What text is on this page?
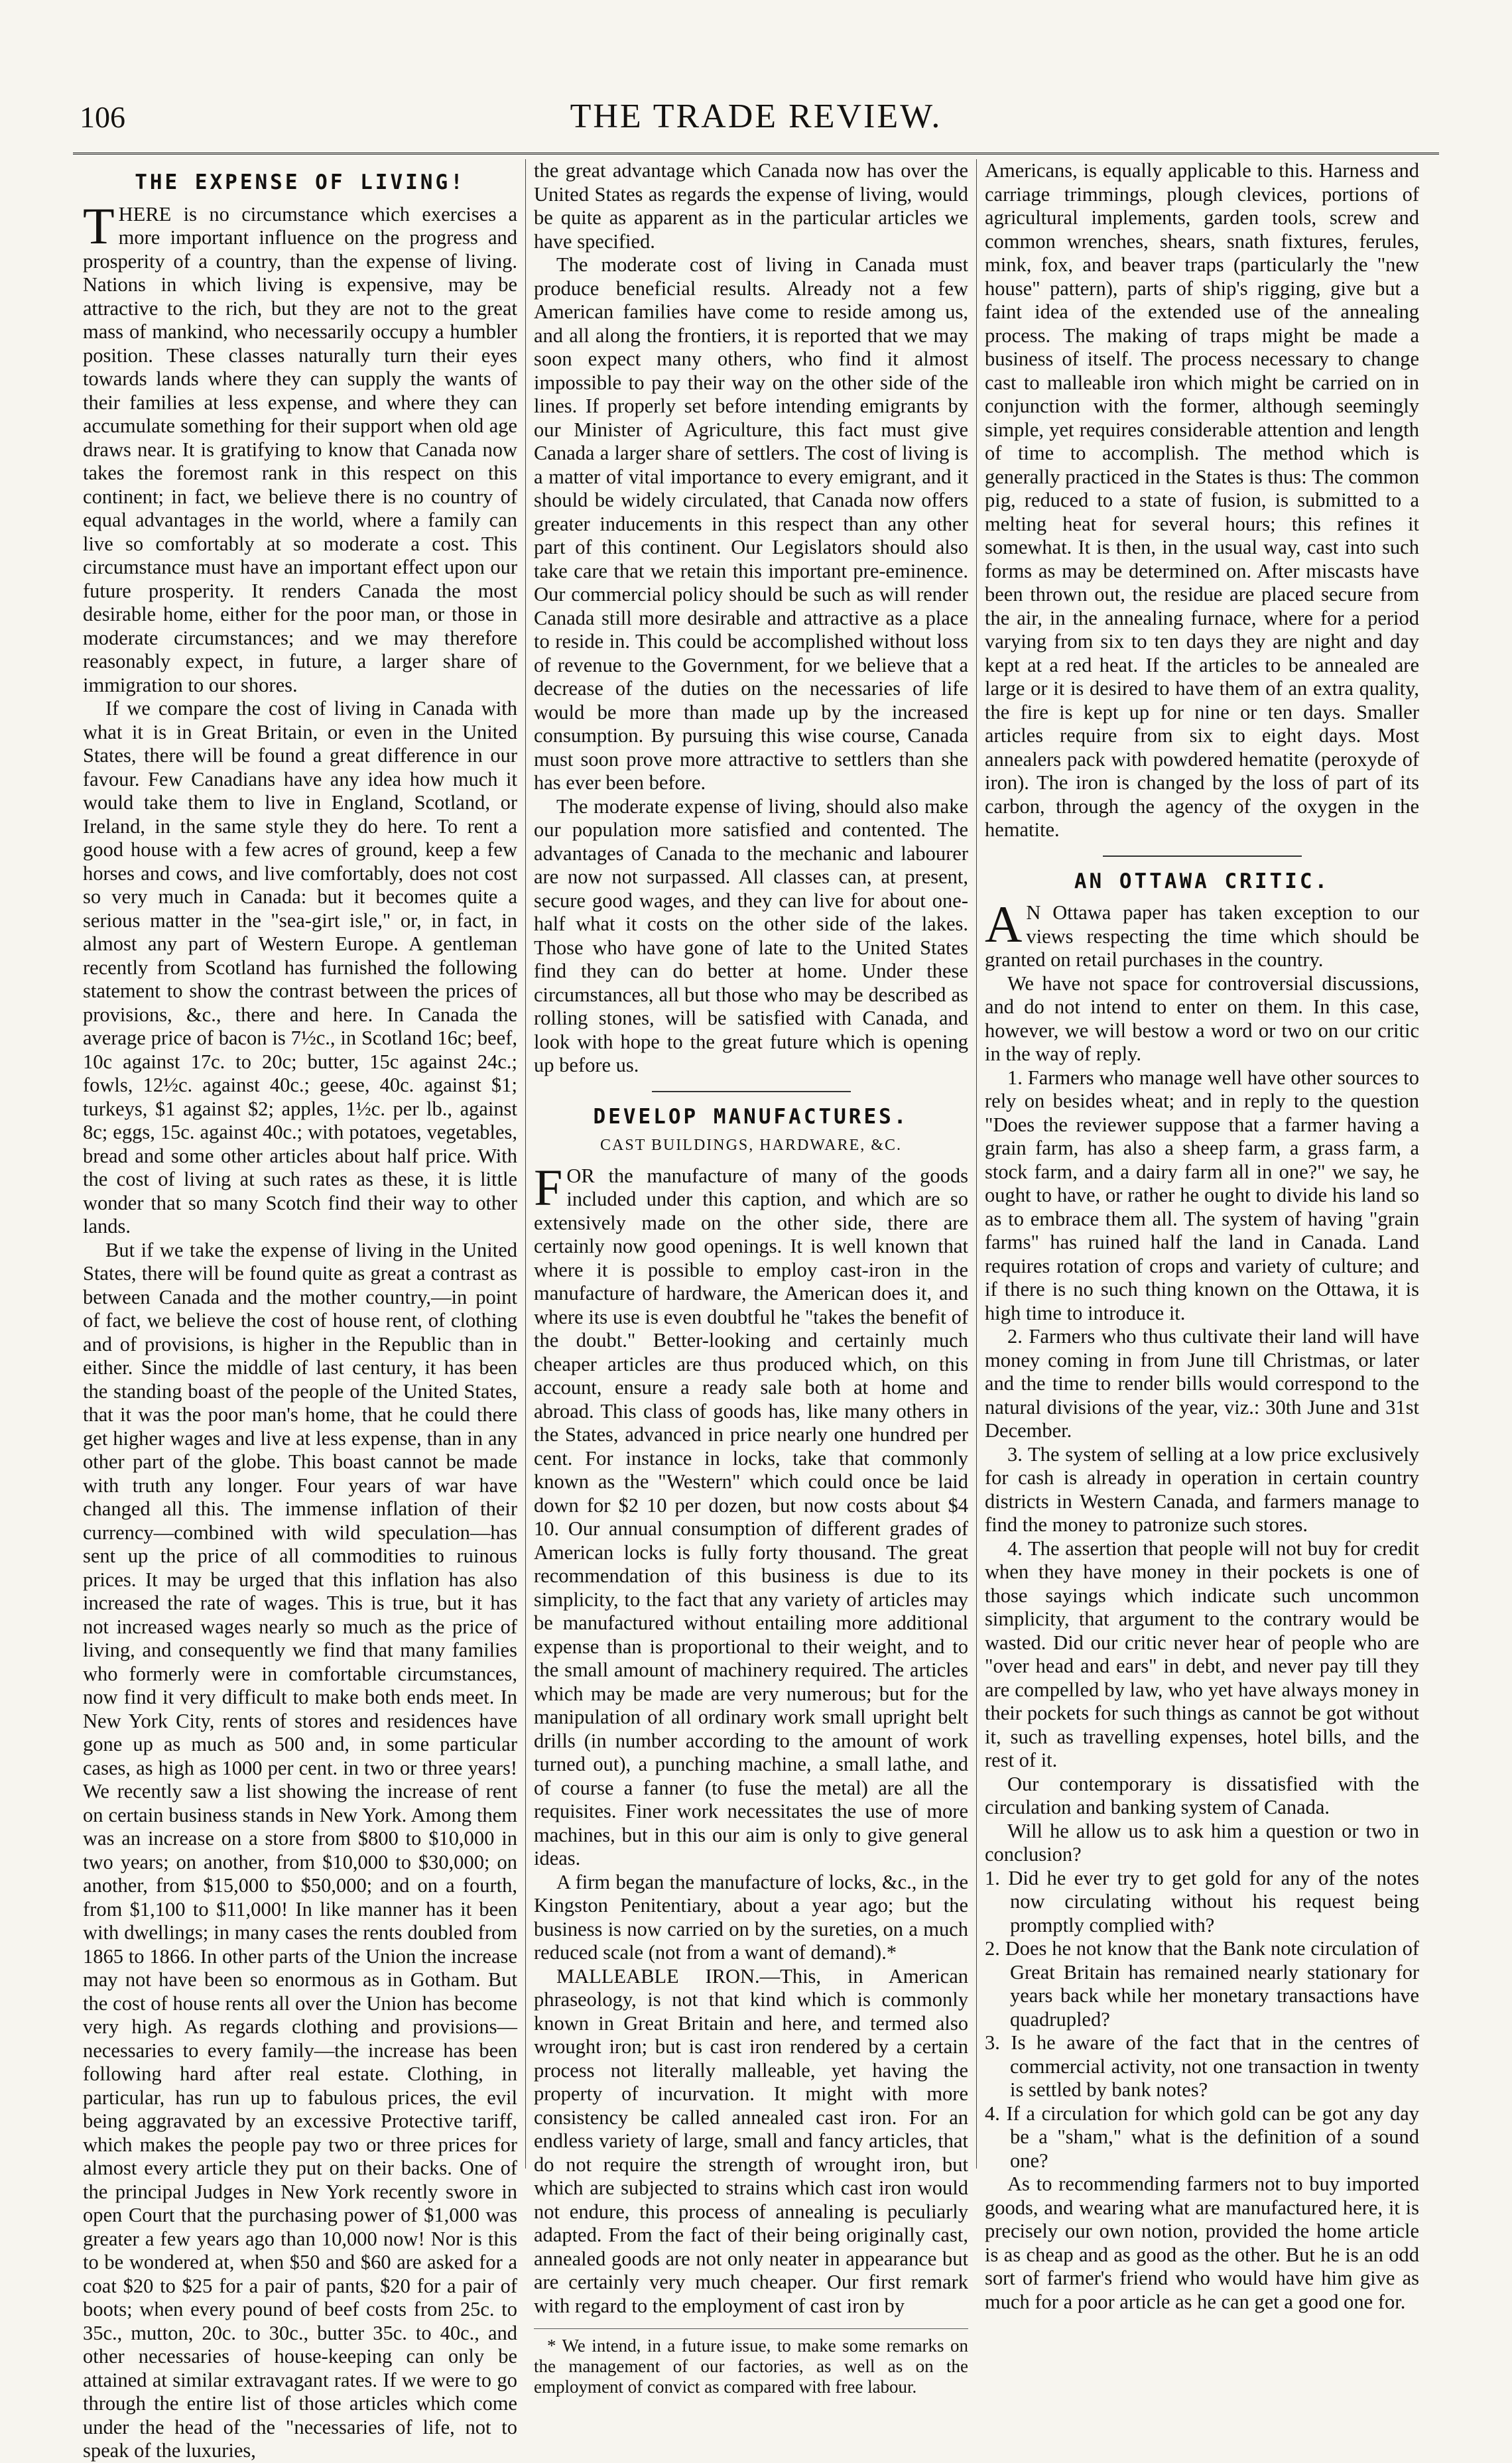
106	THE TRADE REVIEW.
THE EXPENSE OF LIVING!

THERE is no circumstance which exercises a more important influence on the progress and prosperity of a country, than the expense of living. Nations in which living is expensive, may be attractive to the rich, but they are not to the great mass of mankind, who necessarily occupy a humbler position. These classes naturally turn their eyes towards lands where they can supply the wants of their families at less expense, and where they can accumulate something for their support when old age draws near. It is gratifying to know that Canada now takes the foremost rank in this respect on this continent; in fact, we believe there is no country of equal advantages in the world, where a family can live so comfortably at so moderate a cost. This circumstance must have an important effect upon our future prosperity. It renders Canada the most desirable home, either for the poor man, or those in moderate circumstances; and we may therefore reasonably expect, in future, a larger share of immigration to our shores.

If we compare the cost of living in Canada with what it is in Great Britain, or even in the United States, there will be found a great difference in our favour. Few Canadians have any idea how much it would take them to live in England, Scotland, or Ireland, in the same style they do here. To rent a good house with a few acres of ground, keep a few horses and cows, and live comfortably, does not cost so very much in Canada: but it becomes quite a serious matter in the "sea-girt isle," or, in fact, in almost any part of Western Europe. A gentleman recently from Scotland has furnished the following statement to show the contrast between the prices of provisions, &c., there and here. In Canada the average price of bacon is 7½c., in Scotland 16c; beef, 10c against 17c. to 20c; butter, 15c against 24c.; fowls, 12½c. against 40c.; geese, 40c. against $1; turkeys, $1 against $2; apples, 1½c. per lb., against 8c; eggs, 15c. against 40c.; with potatoes, vegetables, bread and some other articles about half price. With the cost of living at such rates as these, it is little wonder that so many Scotch find their way to other lands.

But if we take the expense of living in the United States, there will be found quite as great a contrast as between Canada and the mother country,—in point of fact, we believe the cost of house rent, of clothing and of provisions, is higher in the Republic than in either. Since the middle of last century, it has been the standing boast of the people of the United States, that it was the poor man's home, that he could there get higher wages and live at less expense, than in any other part of the globe. This boast cannot be made with truth any longer. Four years of war have changed all this. The immense inflation of their currency—combined with wild speculation—has sent up the price of all commodities to ruinous prices. It may be urged that this inflation has also increased the rate of wages. This is true, but it has not increased wages nearly so much as the price of living, and consequently we find that many families who formerly were in comfortable circumstances, now find it very difficult to make both ends meet. In New York City, rents of stores and residences have gone up as much as 500 and, in some particular cases, as high as 1000 per cent. in two or three years! We recently saw a list showing the increase of rent on certain business stands in New York. Among them was an increase on a store from $800 to $10,000 in two years; on another, from $10,000 to $30,000; on another, from $15,000 to $50,000; and on a fourth, from $1,100 to $11,000! In like manner has it been with dwellings; in many cases the rents doubled from 1865 to 1866. In other parts of the Union the increase may not have been so enormous as in Gotham. But the cost of house rents all over the Union has become very high. As regards clothing and provisions—necessaries to every family—the increase has been following hard after real estate. Clothing, in particular, has run up to fabulous prices, the evil being aggravated by an excessive Protective tariff, which makes the people pay two or three prices for almost every article they put on their backs. One of the principal Judges in New York recently swore in open Court that the purchasing power of $1,000 was greater a few years ago than 10,000 now! Nor is this to be wondered at, when $50 and $60 are asked for a coat $20 to $25 for a pair of pants, $20 for a pair of boots; when every pound of beef costs from 25c. to 35c., mutton, 20c. to 30c., butter 35c. to 40c., and other necessaries of house-keeping can only be attained at similar extravagant rates. If we were to go through the entire list of those articles which come under the head of the "necessaries of life, not to speak of the luxuries,

the great advantage which Canada now has over the United States as regards the expense of living, would be quite as apparent as in the particular articles we have specified.

The moderate cost of living in Canada must produce beneficial results. Already not a few American families have come to reside among us, and all along the frontiers, it is reported that we may soon expect many others, who find it almost impossible to pay their way on the other side of the lines. If properly set before intending emigrants by our Minister of Agriculture, this fact must give Canada a larger share of settlers. The cost of living is a matter of vital importance to every emigrant, and it should be widely circulated, that Canada now offers greater inducements in this respect than any other part of this continent. Our Legislators should also take care that we retain this important pre-eminence. Our commercial policy should be such as will render Canada still more desirable and attractive as a place to reside in. This could be accomplished without loss of revenue to the Government, for we believe that a decrease of the duties on the necessaries of life would be more than made up by the increased consumption. By pursuing this wise course, Canada must soon prove more attractive to settlers than she has ever been before.

The moderate expense of living, should also make our population more satisfied and contented. The advantages of Canada to the mechanic and labourer are now not surpassed. All classes can, at present, secure good wages, and they can live for about one-half what it costs on the other side of the lakes. Those who have gone of late to the United States find they can do better at home. Under these circumstances, all but those who may be described as rolling stones, will be satisfied with Canada, and look with hope to the great future which is opening up before us.

DEVELOP MANUFACTURES.
CAST BUILDINGS, HARDWARE, &C.

FOR the manufacture of many of the goods included under this caption, and which are so extensively made on the other side, there are certainly now good openings. It is well known that where it is possible to employ cast-iron in the manufacture of hardware, the American does it, and where its use is even doubtful he "takes the benefit of the doubt." Better-looking and certainly much cheaper articles are thus produced which, on this account, ensure a ready sale both at home and abroad. This class of goods has, like many others in the States, advanced in price nearly one hundred per cent. For instance in locks, take that commonly known as the "Western" which could once be laid down for $2 10 per dozen, but now costs about $4 10. Our annual consumption of different grades of American locks is fully forty thousand. The great recommendation of this business is due to its simplicity, to the fact that any variety of articles may be manufactured without entailing more additional expense than is proportional to their weight, and to the small amount of machinery required. The articles which may be made are very numerous; but for the manipulation of all ordinary work small upright belt drills (in number according to the amount of work turned out), a punching machine, a small lathe, and of course a fanner (to fuse the metal) are all the requisites. Finer work necessitates the use of more machines, but in this our aim is only to give general ideas.

A firm began the manufacture of locks, &c., in the Kingston Penitentiary, about a year ago; but the business is now carried on by the sureties, on a much reduced scale (not from a want of demand).*

MALLEABLE IRON.—This, in American phraseology, is not that kind which is commonly known in Great Britain and here, and termed also wrought iron; but is cast iron rendered by a certain process not literally malleable, yet having the property of incurvation. It might with more consistency be called annealed cast iron. For an endless variety of large, small and fancy articles, that do not require the strength of wrought iron, but which are subjected to strains which cast iron would not endure, this process of annealing is peculiarly adapted. From the fact of their being originally cast, annealed goods are not only neater in appearance but are certainly very much cheaper. Our first remark with regard to the employment of cast iron by

* We intend, in a future issue, to make some remarks on the management of our factories, as well as on the employment of convict as compared with free labour.

Americans, is equally applicable to this. Harness and carriage trimmings, plough clevices, portions of agricultural implements, garden tools, screw and common wrenches, shears, snath fixtures, ferules, mink, fox, and beaver traps (particularly the "new house" pattern), parts of ship's rigging, give but a faint idea of the extended use of the annealing process. The making of traps might be made a business of itself. The process necessary to change cast to malleable iron which might be carried on in conjunction with the former, although seemingly simple, yet requires considerable attention and length of time to accomplish. The method which is generally practiced in the States is thus: The common pig, reduced to a state of fusion, is submitted to a melting heat for several hours; this refines it somewhat. It is then, in the usual way, cast into such forms as may be determined on. After miscasts have been thrown out, the residue are placed secure from the air, in the annealing furnace, where for a period varying from six to ten days they are night and day kept at a red heat. If the articles to be annealed are large or it is desired to have them of an extra quality, the fire is kept up for nine or ten days. Smaller articles require from six to eight days. Most annealers pack with powdered hematite (peroxyde of iron). The iron is changed by the loss of part of its carbon, through the agency of the oxygen in the hematite.

AN OTTAWA CRITIC.

AN Ottawa paper has taken exception to our views respecting the time which should be granted on retail purchases in the country.

We have not space for controversial discussions, and do not intend to enter on them. In this case, however, we will bestow a word or two on our critic in the way of reply.

1. Farmers who manage well have other sources to rely on besides wheat; and in reply to the question "Does the reviewer suppose that a farmer having a grain farm, has also a sheep farm, a grass farm, a stock farm, and a dairy farm all in one?" we say, he ought to have, or rather he ought to divide his land so as to embrace them all. The system of having "grain farms" has ruined half the land in Canada. Land requires rotation of crops and variety of culture; and if there is no such thing known on the Ottawa, it is high time to introduce it.

2. Farmers who thus cultivate their land will have money coming in from June till Christmas, or later and the time to render bills would correspond to the natural divisions of the year, viz.: 30th June and 31st December.

3. The system of selling at a low price exclusively for cash is already in operation in certain country districts in Western Canada, and farmers manage to find the money to patronize such stores.

4. The assertion that people will not buy for credit when they have money in their pockets is one of those sayings which indicate such uncommon simplicity, that argument to the contrary would be wasted. Did our critic never hear of people who are "over head and ears" in debt, and never pay till they are compelled by law, who yet have always money in their pockets for such things as cannot be got without it, such as travelling expenses, hotel bills, and the rest of it.

Our contemporary is dissatisfied with the circulation and banking system of Canada.

Will he allow us to ask him a question or two in conclusion?

1. Did he ever try to get gold for any of the notes now circulating without his request being promptly complied with?

2. Does he not know that the Bank note circulation of Great Britain has remained nearly stationary for years back while her monetary transactions have quadrupled?

3. Is he aware of the fact that in the centres of commercial activity, not one transaction in twenty is settled by bank notes?

4. If a circulation for which gold can be got any day be a "sham," what is the definition of a sound one?

As to recommending farmers not to buy imported goods, and wearing what are manufactured here, it is precisely our own notion, provided the home article is as cheap and as good as the other. But he is an odd sort of farmer's friend who would have him give as much for a poor article as he can get a good one for.
